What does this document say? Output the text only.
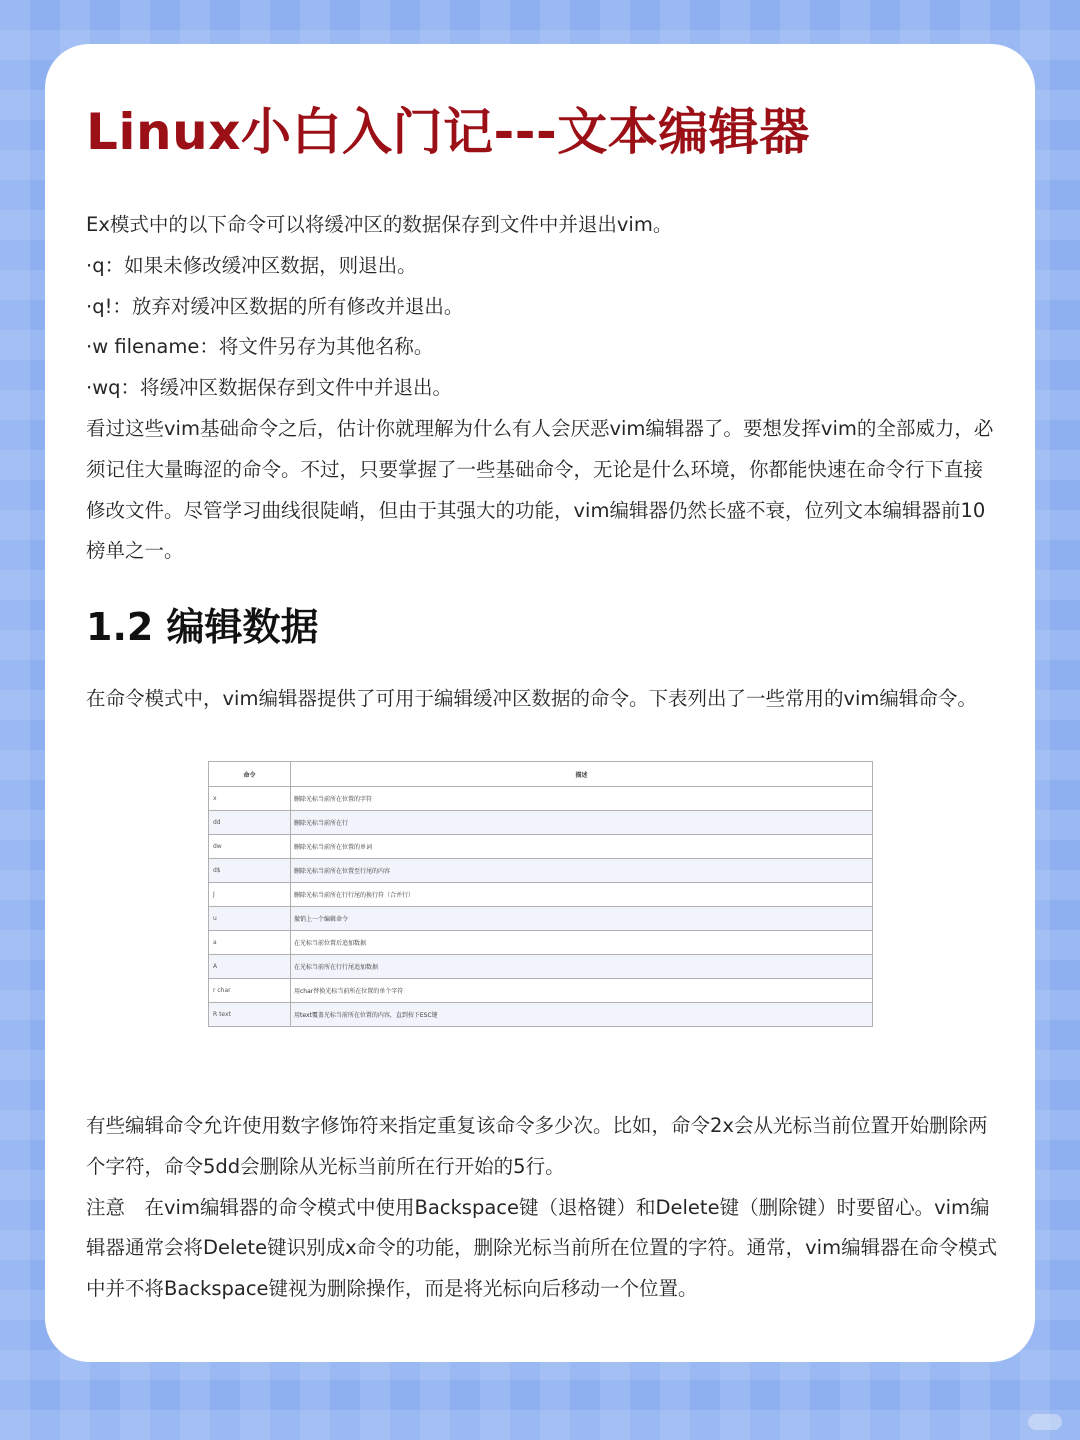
Linux小白入门记---文本编辑器

Ex模式中的以下命令可以将缓冲区的数据保存到文件中并退出vim。

·q：如果未修改缓冲区数据，则退出。

·q!：放弃对缓冲区数据的所有修改并退出。

·w filename：将文件另存为其他名称。

·wq：将缓冲区数据保存到文件中并退出。

看过这些vim基础命令之后，估计你就理解为什么有人会厌恶vim编辑器了。要想发挥vim的全部威力，必须记住大量晦涩的命令。不过，只要掌握了一些基础命令，无论是什么环境，你都能快速在命令行下直接修改文件。尽管学习曲线很陡峭，但由于其强大的功能，vim编辑器仍然长盛不衰，位列文本编辑器前10榜单之一。

1.2 编辑数据

在命令模式中，vim编辑器提供了可用于编辑缓冲区数据的命令。下表列出了一些常用的vim编辑命令。

命令	描述
x	删除光标当前所在位置的字符
dd	删除光标当前所在行
dw	删除光标当前所在位置的单词
d$	删除光标当前所在位置至行尾的内容
J	删除光标当前所在行行尾的换行符（合并行）
u	撤销上一个编辑命令
a	在光标当前位置后追加数据
A	在光标当前所在行行尾追加数据
r char	用char替换光标当前所在位置的单个字符
R text	用text覆盖光标当前所在位置的内容，直到按下ESC键

有些编辑命令允许使用数字修饰符来指定重复该命令多少次。比如，命令2x会从光标当前位置开始删除两个字符，命令5dd会删除从光标当前所在行开始的5行。

注意　在vim编辑器的命令模式中使用Backspace键（退格键）和Delete键（删除键）时要留心。vim编辑器通常会将Delete键识别成x命令的功能，删除光标当前所在位置的字符。通常，vim编辑器在命令模式中并不将Backspace键视为删除操作，而是将光标向后移动一个位置。
